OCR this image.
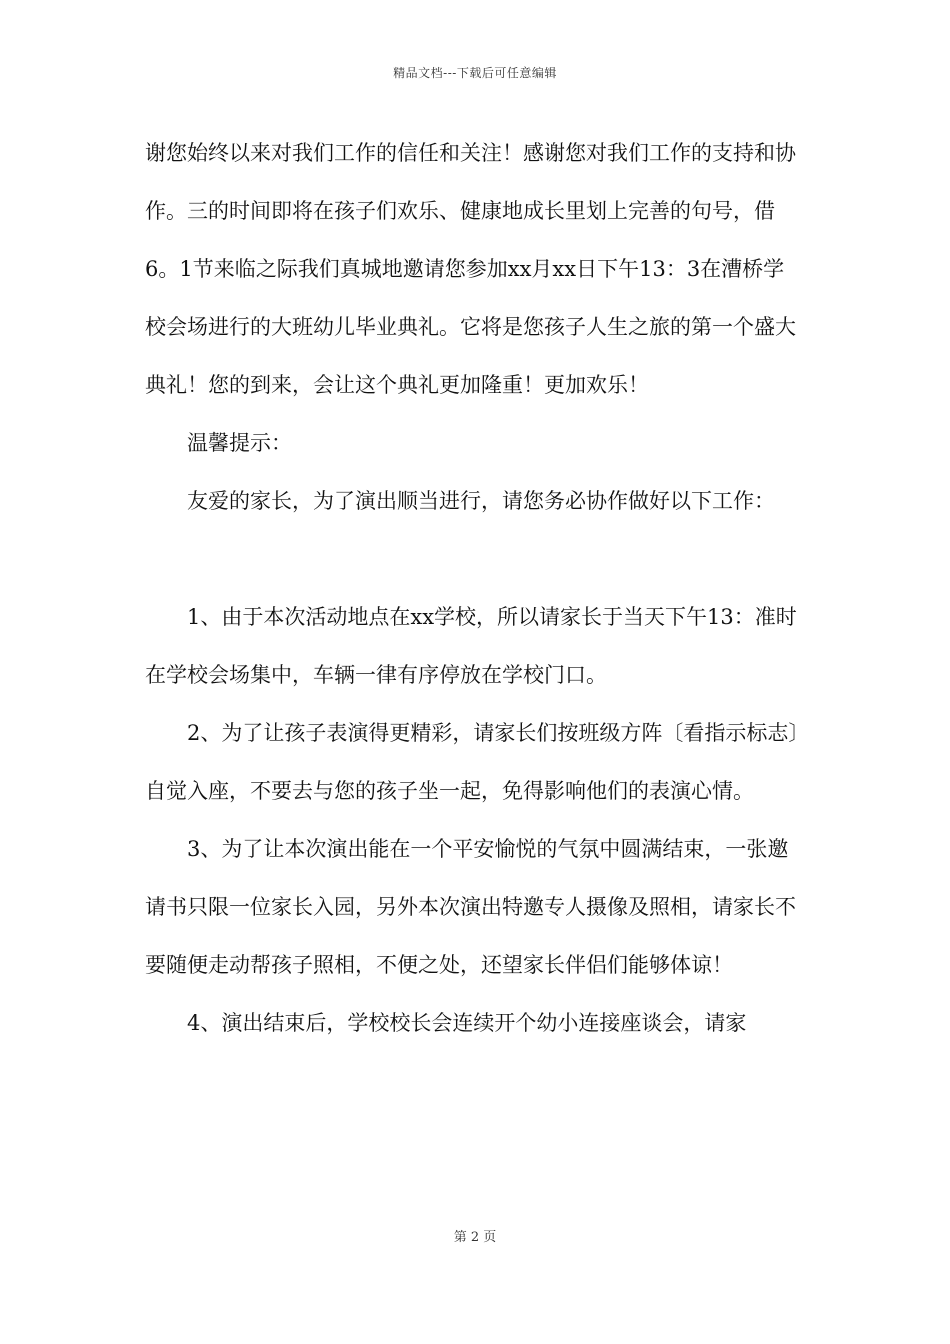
精品文档---下载后可任意编辑

谢您始终以来对我们工作的信任和关注！感谢您对我们工作的支持和协作。三的时间即将在孩子们欢乐、健康地成长里划上完善的句号，借6。1节来临之际我们真城地邀请您参加xx月xx日下午13：3在漕桥学校会场进行的大班幼儿毕业典礼。它将是您孩子人生之旅的第一个盛大典礼！您的到来，会让这个典礼更加隆重！更加欢乐！

温馨提示：

友爱的家长，为了演出顺当进行，请您务必协作做好以下工作：

1、由于本次活动地点在xx学校，所以请家长于当天下午13：准时在学校会场集中，车辆一律有序停放在学校门口。

2、为了让孩子表演得更精彩，请家长们按班级方阵〔看指示标志〕自觉入座，不要去与您的孩子坐一起，免得影响他们的表演心情。

3、为了让本次演出能在一个平安愉悦的气氛中圆满结束，一张邀请书只限一位家长入园，另外本次演出特邀专人摄像及照相，请家长不要随便走动帮孩子照相，不便之处，还望家长伴侣们能够体谅！

4、演出结束后，学校校长会连续开个幼小连接座谈会，请家

第 2 页
